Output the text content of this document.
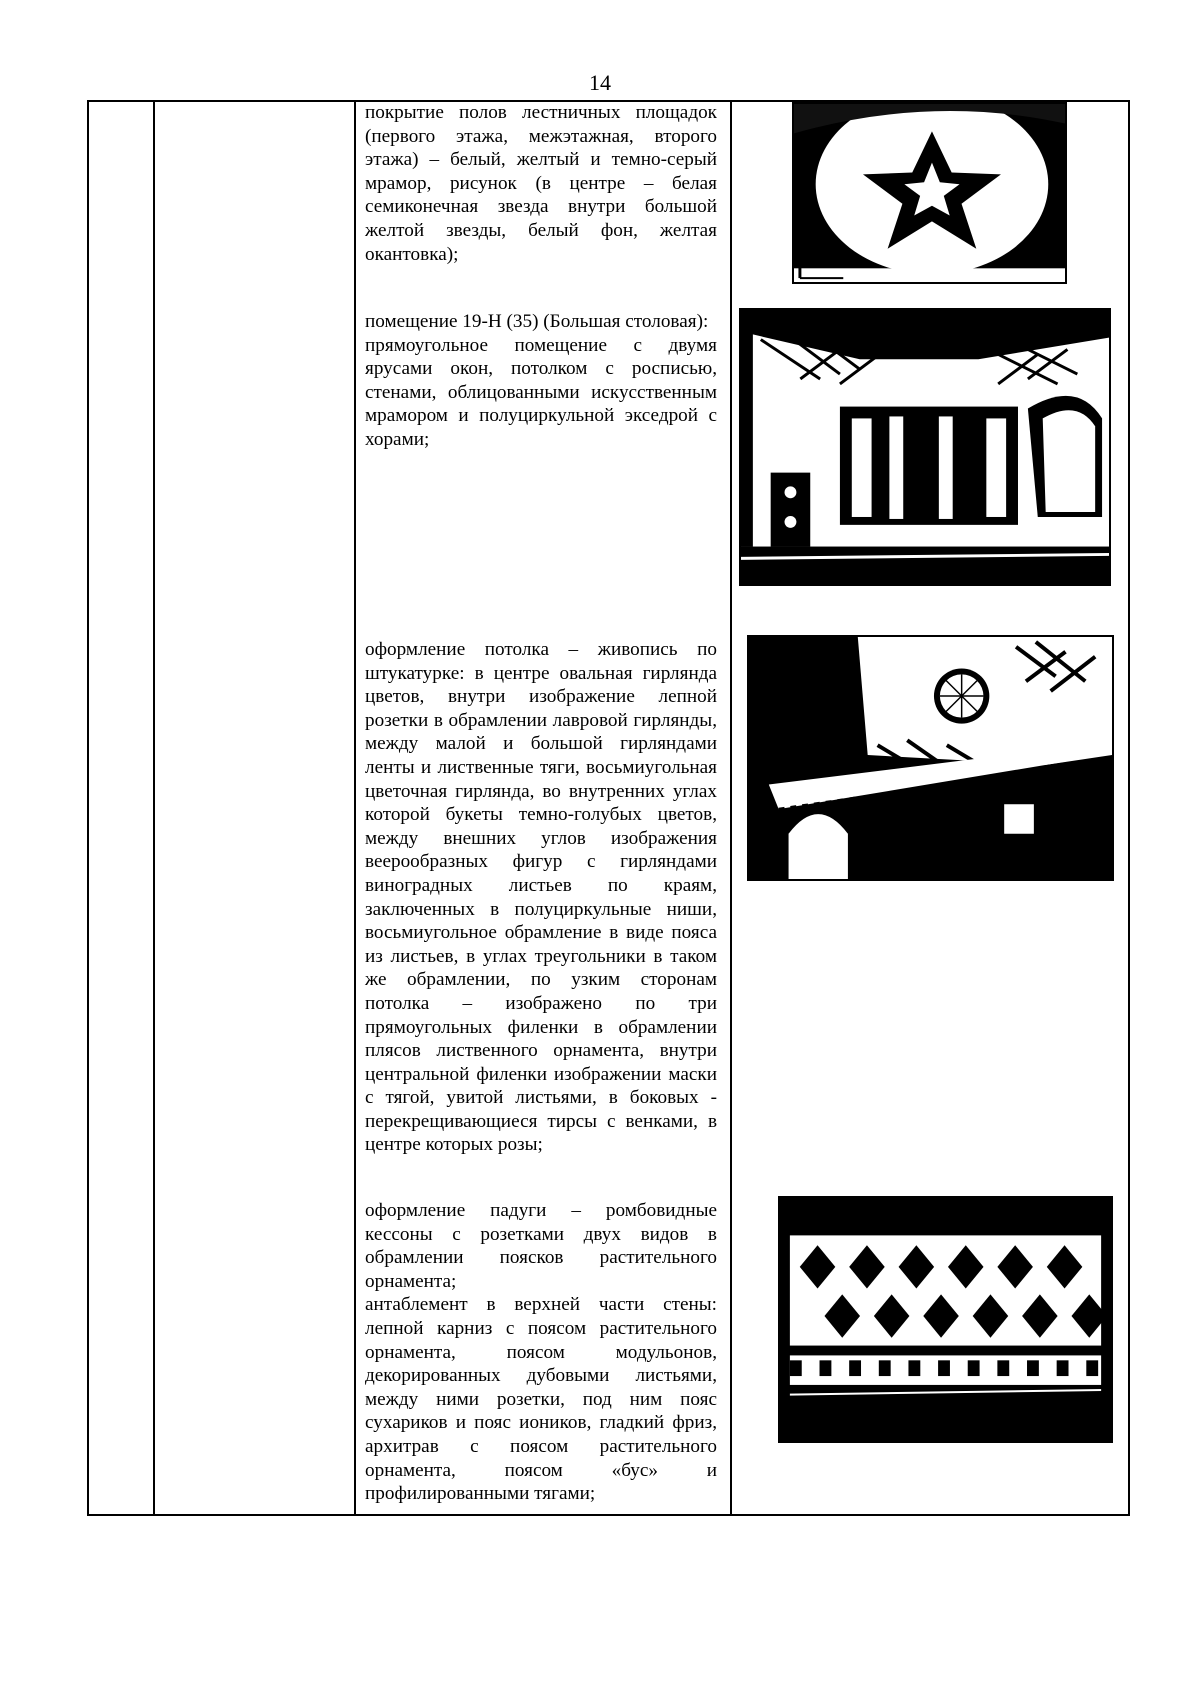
14

покрытие полов лестничных площадок (первого этажа, межэтажная, второго этажа) – белый, желтый и темно-серый мрамор, рисунок (в центре – белая семиконечная звезда внутри большой желтой звезды, белый фон, желтая окантовка);

помещение 19-Н (35) (Большая столовая):

прямоугольное помещение с двумя ярусами окон, потолком с росписью, стенами, облицованными искусственным мрамором и полуциркульной экседрой с хорами;

оформление потолка – живопись по штукатурке: в центре овальная гирлянда цветов, внутри изображение лепной розетки в обрамлении лавровой гирлянды, между малой и большой гирляндами ленты и лиственные тяги, восьмиугольная цветочная гирлянда, во внутренних углах которой букеты темно-голубых цветов, между внешних углов изображения веерообразных фигур с гирляндами виноградных листьев по краям, заключенных в полуциркульные ниши, восьмиугольное обрамление в виде пояса из листьев, в углах треугольники в таком же обрамлении, по узким сторонам потолка – изображено по три прямоугольных филенки в обрамлении плясов лиственного орнамента, внутри центральной филенки изображении маски с тягой, увитой листьями, в боковых - перекрещивающиеся тирсы с венками, в центре которых розы;

оформление падуги – ромбовидные кессоны с розетками двух видов в обрамлении поясков растительного орнамента;

антаблемент в верхней части стены: лепной карниз с поясом растительного орнамента, поясом модульонов, декорированных дубовыми листьями, между ними розетки, под ним пояс сухариков и пояс иоников, гладкий фриз, архитрав с поясом растительного орнамента, поясом «бус» и профилированными тягами;
